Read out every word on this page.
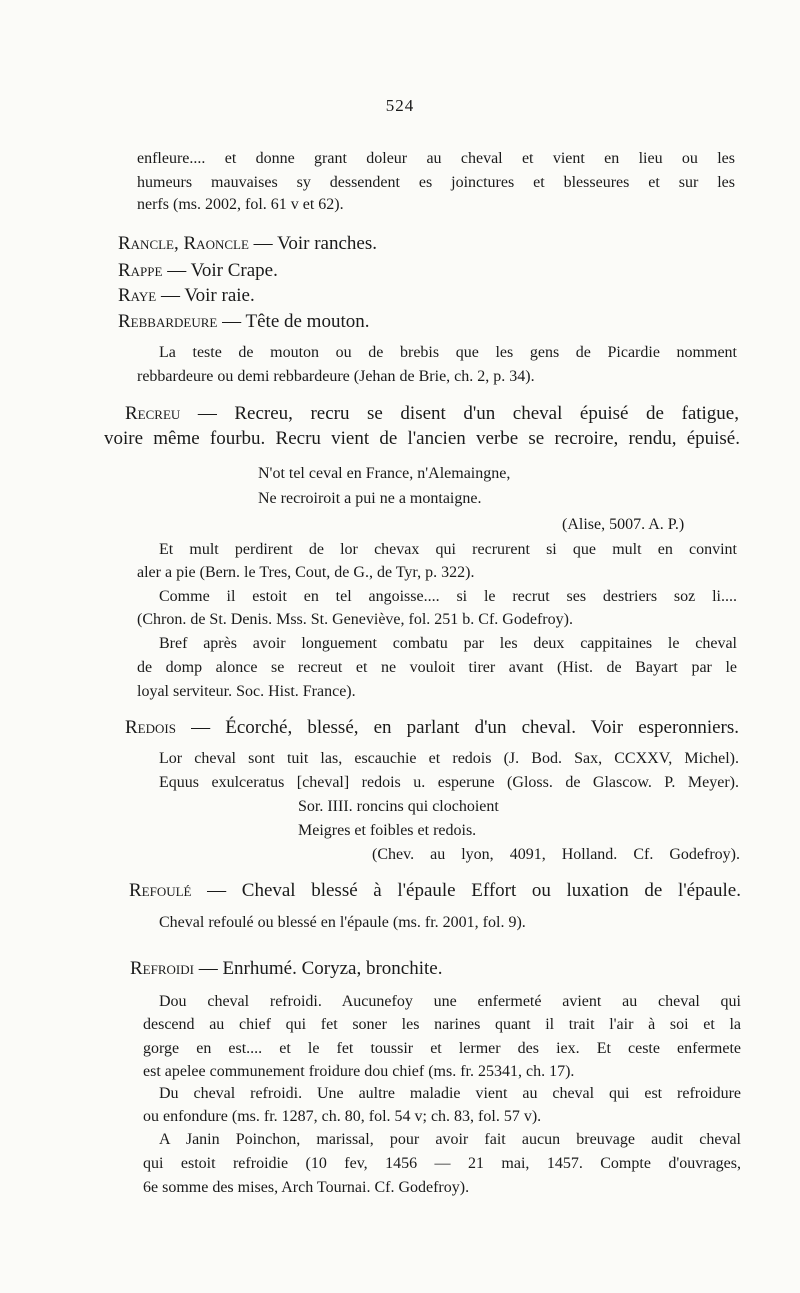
524
enfleure.... et donne grant doleur au cheval et vient en lieu ou les
humeurs mauvaises sy dessendent es joinctures et blesseures et sur les
nerfs (ms. 2002, fol. 61 v et 62).
Rancle, Raoncle — Voir ranches.
Rappe — Voir Crape.
Raye — Voir raie.
Rebbardeure — Tête de mouton.
La teste de mouton ou de brebis que les gens de Picardie nomment
rebbardeure ou demi rebbardeure (Jehan de Brie, ch. 2, p. 34).
Recreu — Recreu, recru se disent d'un cheval épuisé de fatigue,
voire même fourbu. Recru vient de l'ancien verbe se recroire, rendu, épuisé.
N'ot tel ceval en France, n'Alemaingne,
Ne recroiroit a pui ne a montaigne.
(Alise, 5007. A. P.)
Et mult perdirent de lor chevax qui recrurent si que mult en convint
aler a pie (Bern. le Tres, Cout, de G., de Tyr, p. 322).
Comme il estoit en tel angoisse.... si le recrut ses destriers soz li....
(Chron. de St. Denis. Mss. St. Geneviève, fol. 251 b. Cf. Godefroy).
Bref après avoir longuement combatu par les deux cappitaines le cheval
de domp alonce se recreut et ne vouloit tirer avant (Hist. de Bayart par le
loyal serviteur. Soc. Hist. France).
Redois — Écorché, blessé, en parlant d'un cheval. Voir esperonniers.
Lor cheval sont tuit las, escauchie et redois (J. Bod. Sax, CCXXV, Michel).
Equus exulceratus [cheval] redois u. esperune (Gloss. de Glascow. P. Meyer).
Sor. IIII. roncins qui clochoient
Meigres et foibles et redois.
(Chev. au lyon, 4091, Holland. Cf. Godefroy).
Refoulé — Cheval blessé à l'épaule Effort ou luxation de l'épaule.
Cheval refoulé ou blessé en l'épaule (ms. fr. 2001, fol. 9).
Refroidi — Enrhumé. Coryza, bronchite.
Dou cheval refroidi. Aucunefoy une enfermeté avient au cheval qui
descend au chief qui fet soner les narines quant il trait l'air à soi et la
gorge en est.... et le fet toussir et lermer des iex. Et ceste enfermete
est apelee communement froidure dou chief (ms. fr. 25341, ch. 17).
Du cheval refroidi. Une aultre maladie vient au cheval qui est refroidure
ou enfondure (ms. fr. 1287, ch. 80, fol. 54 v; ch. 83, fol. 57 v).
A Janin Poinchon, marissal, pour avoir fait aucun breuvage audit cheval
qui estoit refroidie (10 fev, 1456 — 21 mai, 1457. Compte d'ouvrages,
6e somme des mises, Arch Tournai. Cf. Godefroy).
